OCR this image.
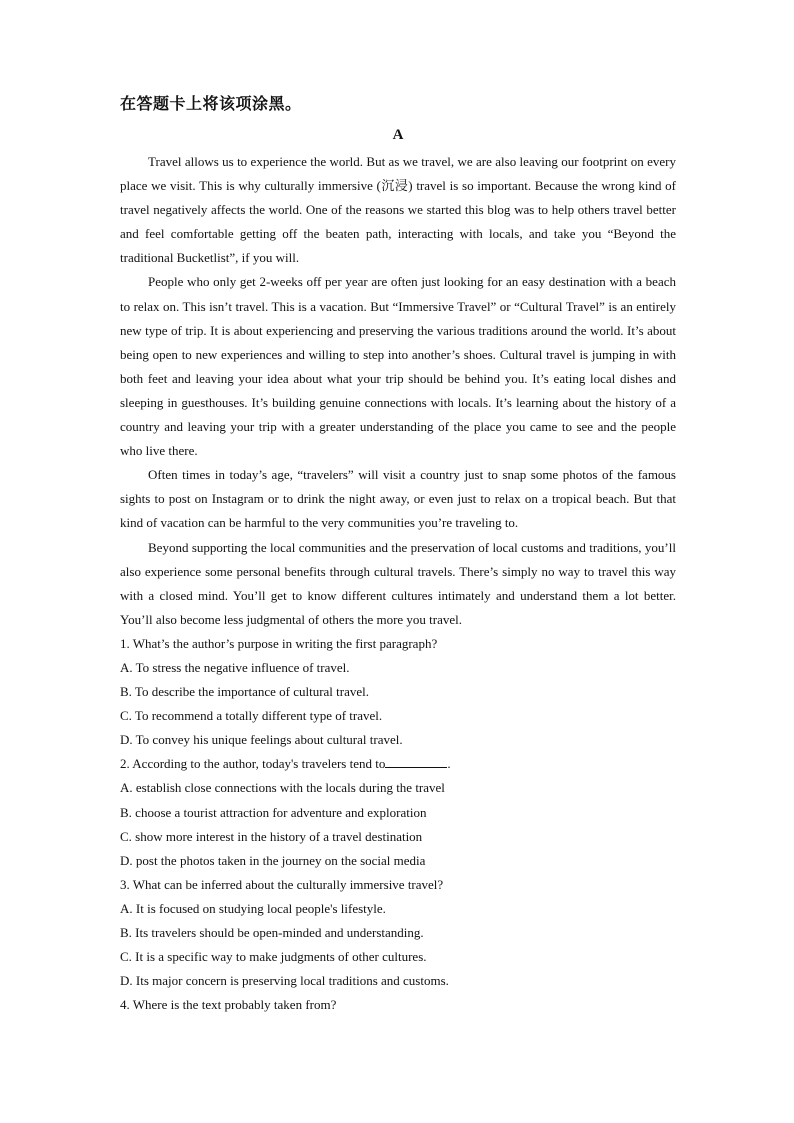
在答题卡上将该项涂黑。
A

Travel allows us to experience the world. But as we travel, we are also leaving our footprint on every place we visit. This is why culturally immersive (沉浸) travel is so important. Because the wrong kind of travel negatively affects the world. One of the reasons we started this blog was to help others travel better and feel comfortable getting off the beaten path, interacting with locals, and take you “Beyond the traditional Bucketlist”, if you will.

People who only get 2-weeks off per year are often just looking for an easy destination with a beach to relax on. This isn’t travel. This is a vacation. But “Immersive Travel” or “Cultural Travel” is an entirely new type of trip. It is about experiencing and preserving the various traditions around the world. It’s about being open to new experiences and willing to step into another’s shoes. Cultural travel is jumping in with both feet and leaving your idea about what your trip should be behind you. It’s eating local dishes and sleeping in guesthouses. It’s building genuine connections with locals. It’s learning about the history of a country and leaving your trip with a greater understanding of the place you came to see and the people who live there.

Often times in today’s age, “travelers” will visit a country just to snap some photos of the famous sights to post on Instagram or to drink the night away, or even just to relax on a tropical beach. But that kind of vacation can be harmful to the very communities you’re traveling to.

Beyond supporting the local communities and the preservation of local customs and traditions, you’ll also experience some personal benefits through cultural travels. There’s simply no way to travel this way with a closed mind. You’ll get to know different cultures intimately and understand them a lot better. You’ll also become less judgmental of others the more you travel.

1. What’s the author’s purpose in writing the first paragraph?

A. To stress the negative influence of travel.

B. To describe the importance of cultural travel.

C. To recommend a totally different type of travel.

D. To convey his unique feelings about cultural travel.

2. According to the author, today's travelers tend to	.

A. establish close connections with the locals during the travel

B. choose a tourist attraction for adventure and exploration

C. show more interest in the history of a travel destination

D. post the photos taken in the journey on the social media

3. What can be inferred about the culturally immersive travel?

A. It is focused on studying local people's lifestyle.

B. Its travelers should be open-minded and understanding.

C. It is a specific way to make judgments of other cultures.

D. Its major concern is preserving local traditions and customs.

4. Where is the text probably taken from?
